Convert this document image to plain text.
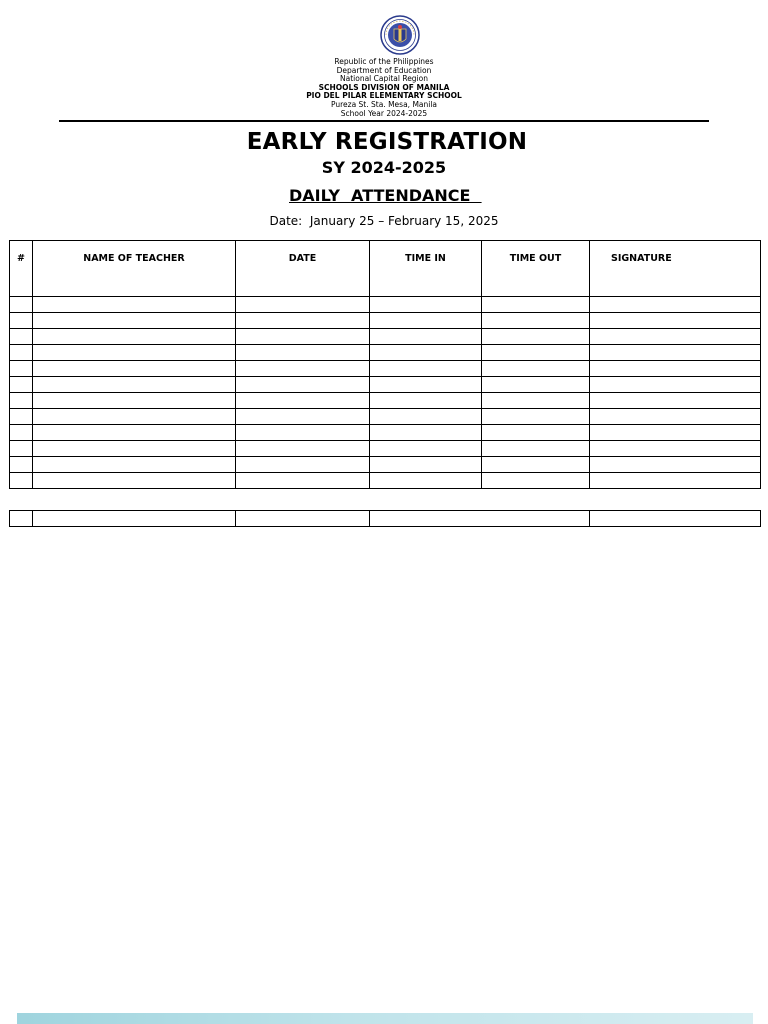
Republic of the Philippines
Department of Education
National Capital Region
SCHOOLS DIVISION OF MANILA
PIO DEL PILAR ELEMENTARY SCHOOL
Pureza St. Sta. Mesa, Manila
School Year 2024-2025
EARLY REGISTRATION
SY 2024-2025
DAILY  ATTENDANCE
Date:  January 25 – February 15, 2025
#	NAME OF TEACHER	DATE	TIME IN	TIME OUT	SIGNATURE
